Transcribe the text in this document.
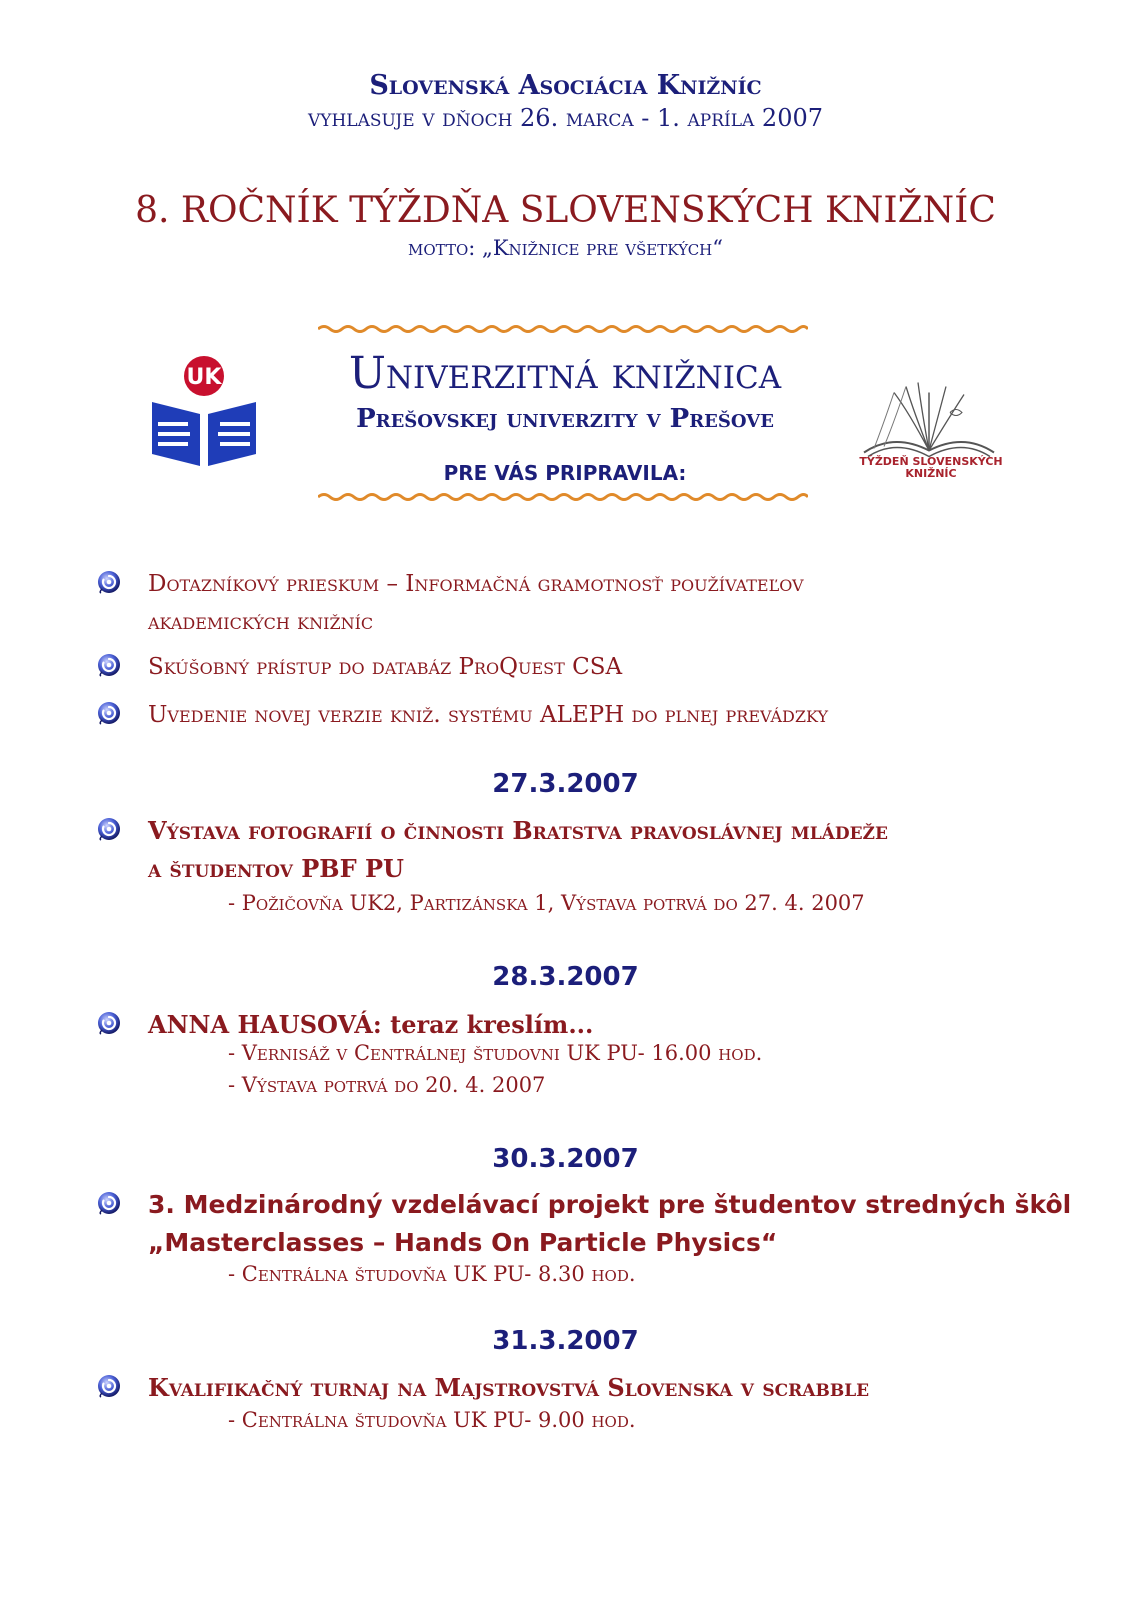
Slovenská Asociácia Knižníc
vyhlasuje v dňoch 26. marca - 1. apríla 2007
8. ROČNÍK TÝŽDŇA SLOVENSKÝCH KNIŽNÍC
motto: „Knižnice pre všetkých“
UK	Univerzitná knižnica
Prešovskej univerzity v Prešove
PRE VÁS PRIPRAVILA:	TÝŽDEŇ SLOVENSKÝCH
KNIŽNÍC
Dotazníkový prieskum – Informačná gramotnosť používateľov
akademických knižníc
Skúšobný prístup do databáz ProQuest CSA
Uvedenie novej verzie kniž. systému ALEPH do plnej prevádzky
27.3.2007
Výstava fotografií o činnosti Bratstva pravoslávnej mládeže
a študentov PBF PU
- Požičovňa UK2, Partizánska 1, Výstava potrvá do 27. 4. 2007
28.3.2007
ANNA HAUSOVÁ: teraz kreslím...
- Vernisáž v Centrálnej študovni UK PU- 16.00 hod.
- Výstava potrvá do 20. 4. 2007
30.3.2007
3. Medzinárodný vzdelávací projekt pre študentov stredných škôl
„Masterclasses – Hands On Particle Physics“
- Centrálna študovňa UK PU- 8.30 hod.
31.3.2007
Kvalifikačný turnaj na Majstrovstvá Slovenska v scrabble
- Centrálna študovňa UK PU- 9.00 hod.
